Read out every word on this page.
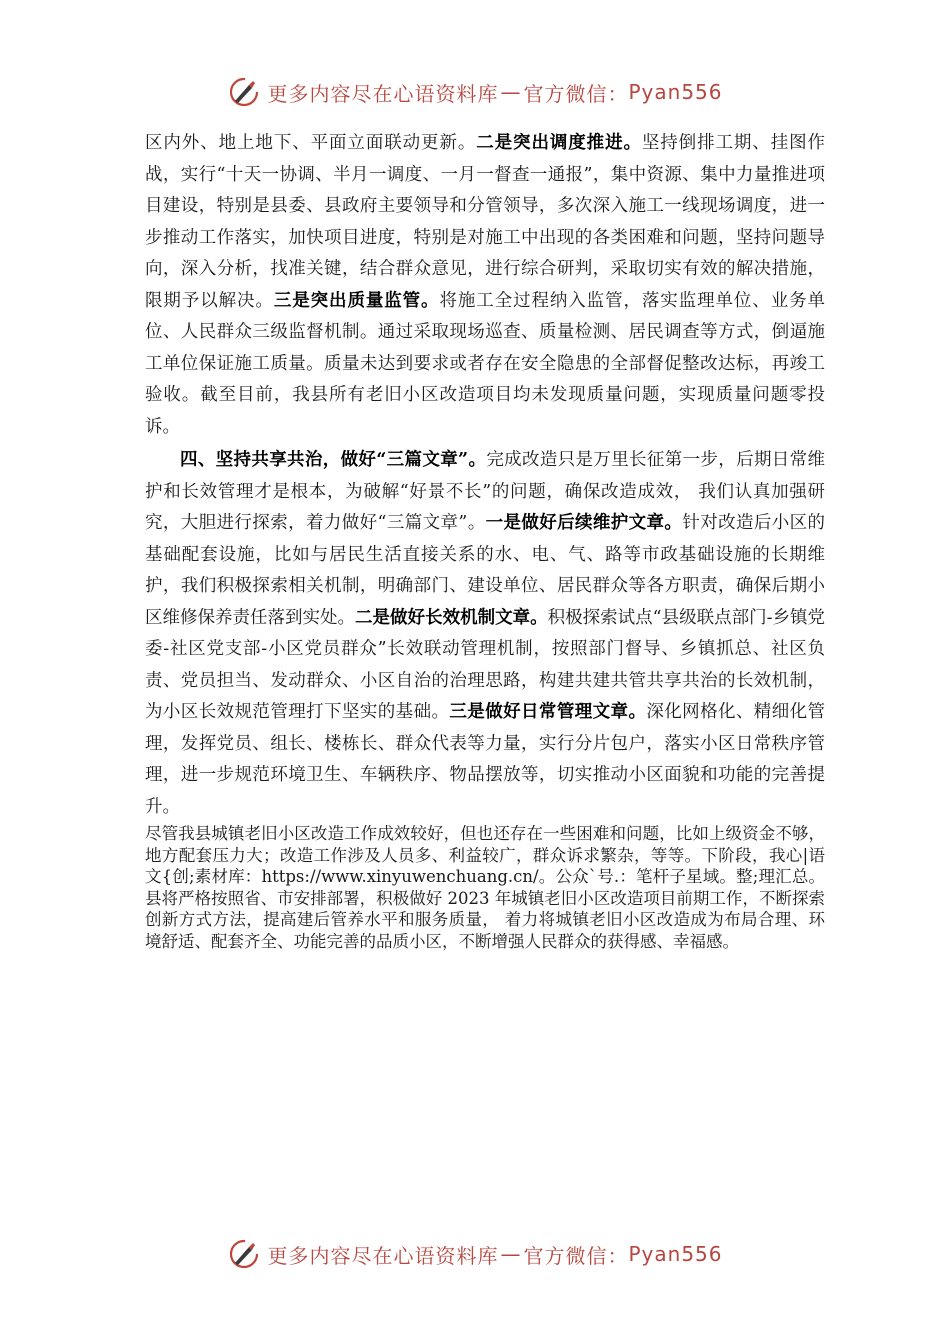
更多内容尽在心语资料库 — 官方微信： Pyan556

区内外、地上地下、平面立面联动更新。二是突出调度推进。坚持倒排工期、挂图作战，实行“十天一协调、半月一调度、一月一督查一通报”，集中资源、集中力量推进项目建设，特别是县委、县政府主要领导和分管领导，多次深入施工一线现场调度，进一步推动工作落实，加快项目进度，特别是对施工中出现的各类困难和问题，坚持问题导向，深入分析，找准关键，结合群众意见，进行综合研判，采取切实有效的解决措施，限期予以解决。三是突出质量监管。将施工全过程纳入监管，落实监理单位、业务单位、人民群众三级监督机制。通过采取现场巡查、质量检测、居民调查等方式，倒逼施工单位保证施工质量。质量未达到要求或者存在安全隐患的全部督促整改达标，再竣工验收。截至目前，我县所有老旧小区改造项目均未发现质量问题，实现质量问题零投诉。

四、坚持共享共治，做好“三篇文章”。完成改造只是万里长征第一步，后期日常维护和长效管理才是根本，为破解“好景不长”的问题，确保改造成效， 我们认真加强研究，大胆进行探索，着力做好“三篇文章”。一是做好后续维护文章。针对改造后小区的基础配套设施，比如与居民生活直接关系的水、电、气、路等市政基础设施的长期维护，我们积极探索相关机制，明确部门、建设单位、居民群众等各方职责，确保后期小区维修保养责任落到实处。二是做好长效机制文章。积极探索试点“县级联点部门-乡镇党委-社区党支部-小区党员群众”长效联动管理机制，按照部门督导、乡镇抓总、社区负责、党员担当、发动群众、小区自治的治理思路，构建共建共管共享共治的长效机制，为小区长效规范管理打下坚实的基础。三是做好日常管理文章。深化网格化、精细化管理，发挥党员、组长、楼栋长、群众代表等力量，实行分片包户，落实小区日常秩序管理，进一步规范环境卫生、车辆秩序、物品摆放等，切实推动小区面貌和功能的完善提升。

尽管我县城镇老旧小区改造工作成效较好，但也还存在一些困难和问题，比如上级资金不够，地方配套压力大；改造工作涉及人员多、利益较广，群众诉求繁杂，等等。下阶段，我心|语文{创;素材库：https://www.xinyuwenchuang.cn/。公众`号.：笔杆子星域。整;理汇总。县将严格按照省、市安排部署，积极做好 2023 年城镇老旧小区改造项目前期工作，不断探索创新方式方法，提高建后管养水平和服务质量， 着力将城镇老旧小区改造成为布局合理、环境舒适、配套齐全、功能完善的品质小区，不断增强人民群众的获得感、幸福感。

更多内容尽在心语资料库 — 官方微信： Pyan556
